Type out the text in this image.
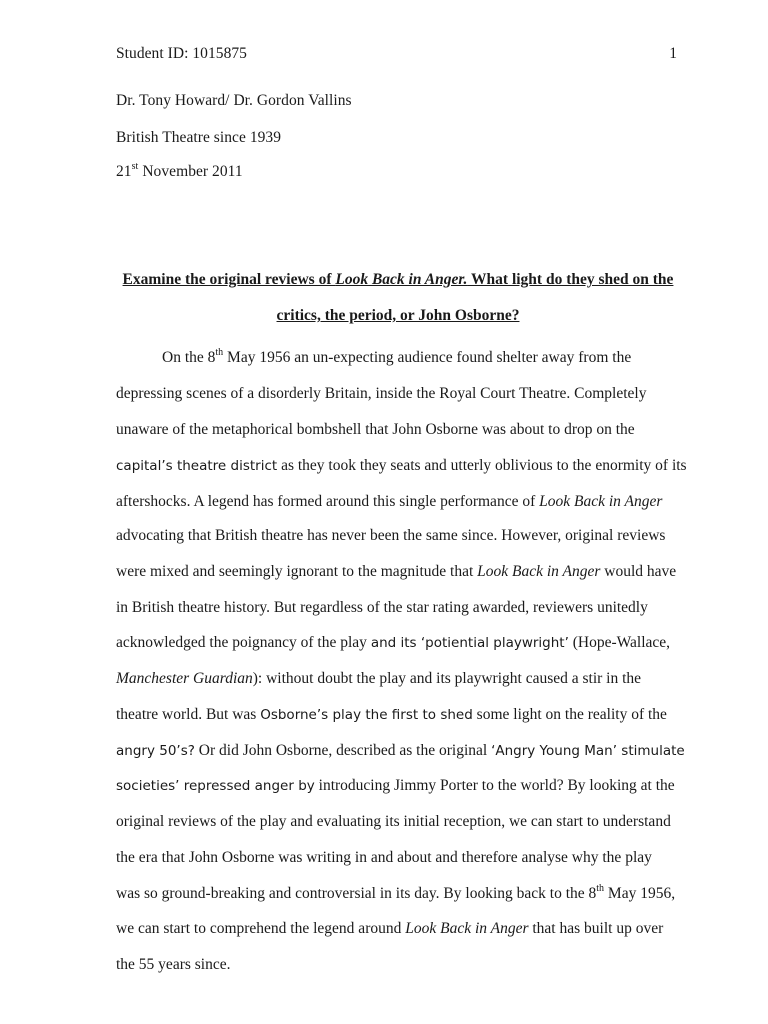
Student ID: 1015875	1
Dr. Tony Howard/ Dr. Gordon Vallins
British Theatre since 1939
21st November 2011
Examine the original reviews of Look Back in Anger. What light do they shed on the
critics, the period, or John Osborne?
On the 8th May 1956 an un-expecting audience found shelter away from the
depressing scenes of a disorderly Britain, inside the Royal Court Theatre. Completely
unaware of the metaphorical bombshell that John Osborne was about to drop on the
capital’s theatre district as they took they seats and utterly oblivious to the enormity of its
aftershocks. A legend has formed around this single performance of Look Back in Anger
advocating that British theatre has never been the same since. However, original reviews
were mixed and seemingly ignorant to the magnitude that Look Back in Anger would have
in British theatre history. But regardless of the star rating awarded, reviewers unitedly
acknowledged the poignancy of the play and its ‘potiential playwright’ (Hope-Wallace,
Manchester Guardian): without doubt the play and its playwright caused a stir in the
theatre world. But was Osborne’s play the first to shed some light on the reality of the
angry 50’s? Or did John Osborne, described as the original ‘Angry Young Man’ stimulate
societies’ repressed anger by introducing Jimmy Porter to the world? By looking at the
original reviews of the play and evaluating its initial reception, we can start to understand
the era that John Osborne was writing in and about and therefore analyse why the play
was so ground-breaking and controversial in its day. By looking back to the 8th May 1956,
we can start to comprehend the legend around Look Back in Anger that has built up over
the 55 years since.
